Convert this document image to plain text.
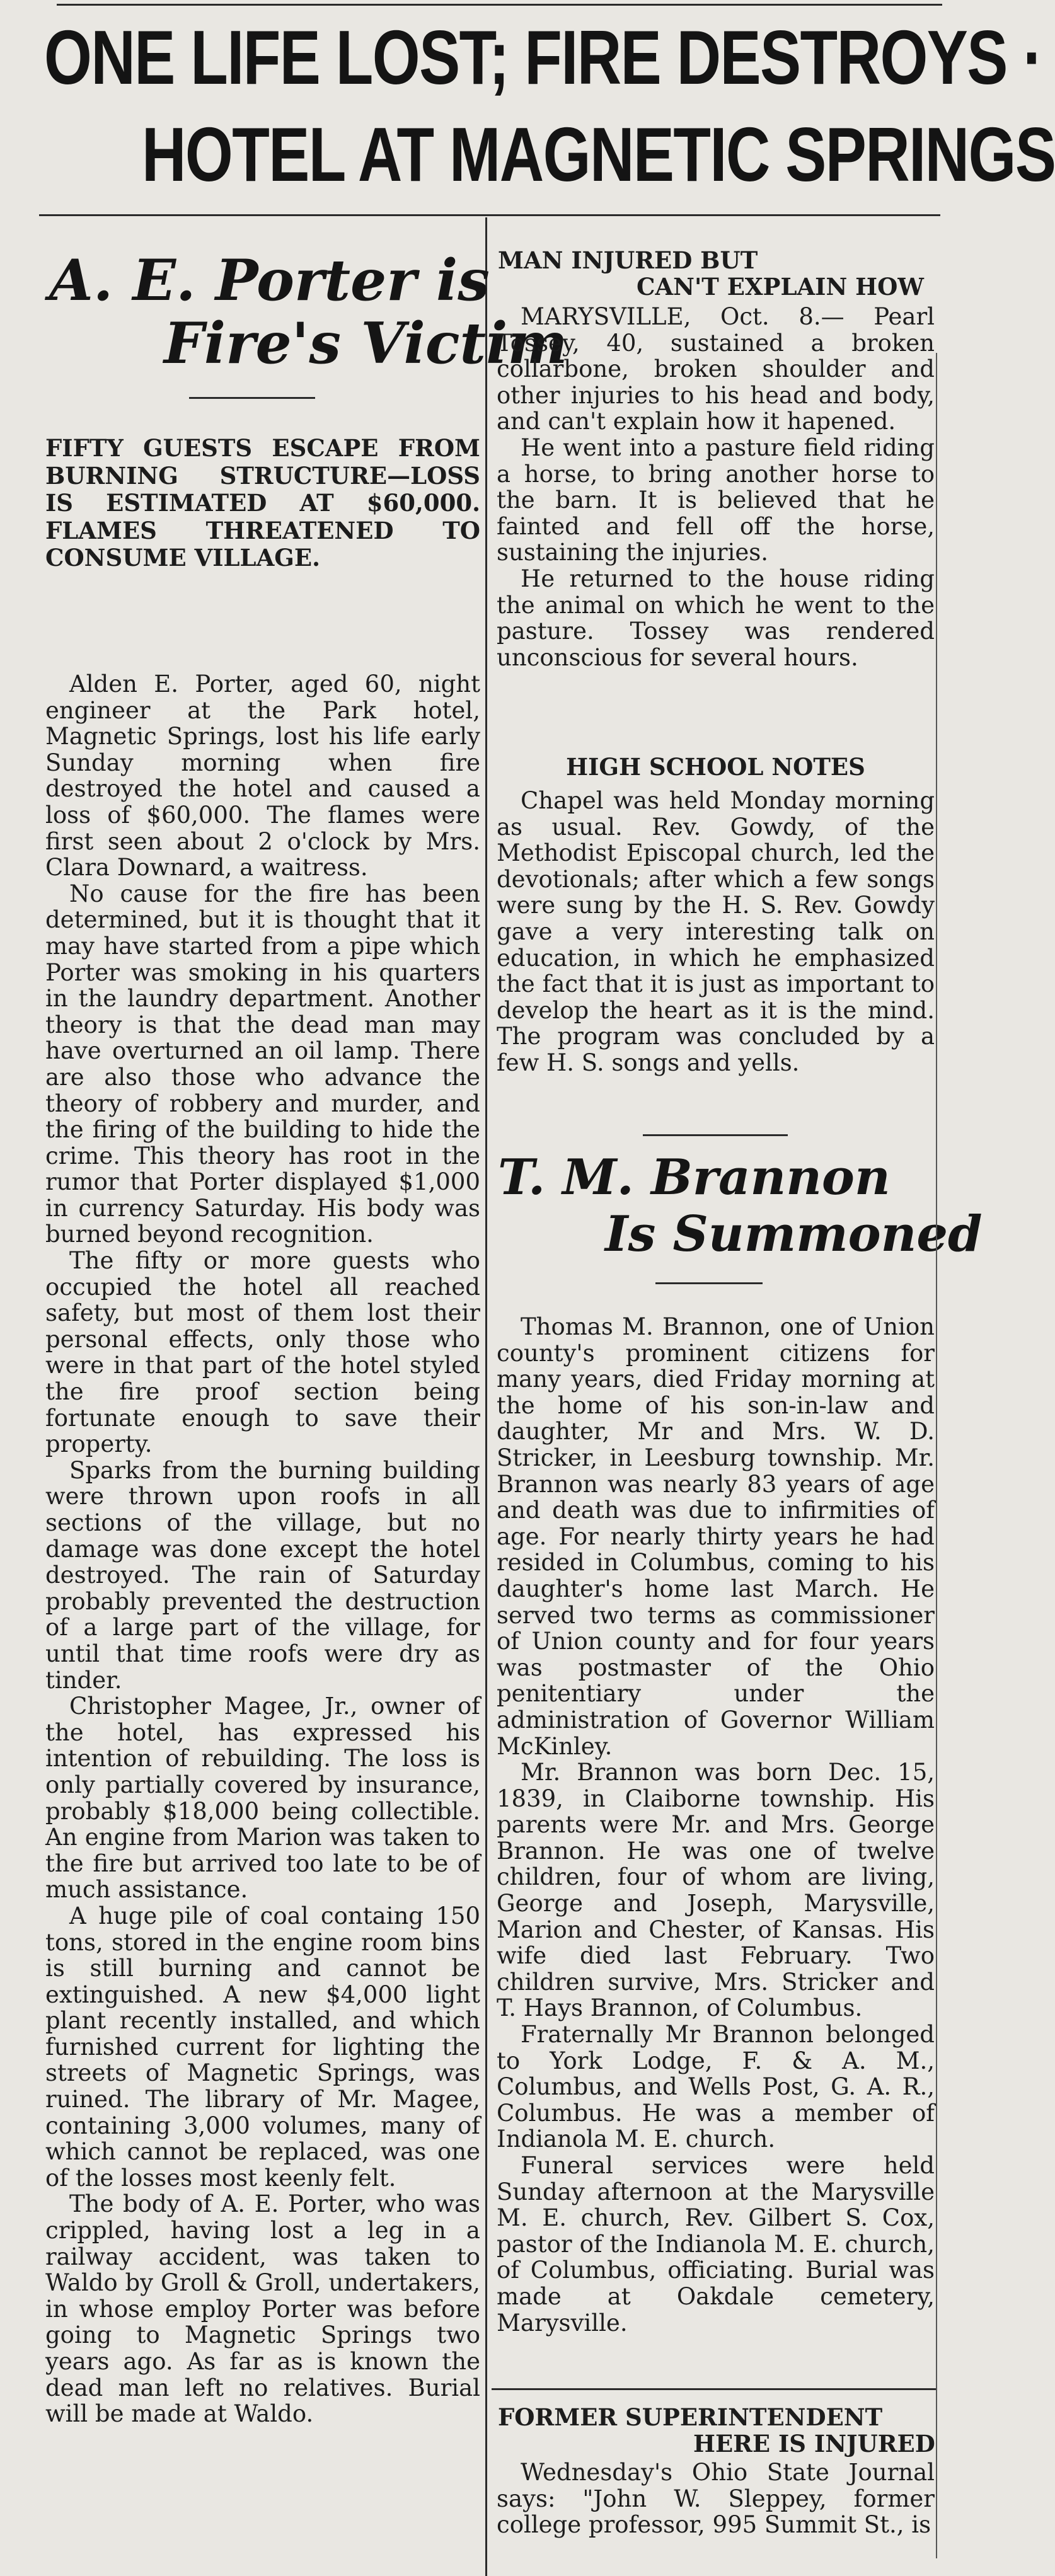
ONE LIFE LOST; FIRE DESTROYS ·
HOTEL AT MAGNETIC SPRINGS
A. E. Porter is
Fire's Victim
FIFTY GUESTS ESCAPE FROM BURNING STRUCTURE—LOSS IS ESTIMATED AT $60,000. FLAMES THREATENED TO CONSUME VILLAGE.

Alden E. Porter, aged 60, night engineer at the Park hotel, Magnetic Springs, lost his life early Sunday morning when fire destroyed the hotel and caused a loss of $60,000. The flames were first seen about 2 o'clock by Mrs. Clara Downard, a waitress.

No cause for the fire has been determined, but it is thought that it may have started from a pipe which Porter was smoking in his quarters in the laundry department. Another theory is that the dead man may have overturned an oil lamp. There are also those who advance the theory of robbery and murder, and the firing of the building to hide the crime. This theory has root in the rumor that Porter displayed $1,000 in currency Saturday. His body was burned beyond recognition.

The fifty or more guests who occupied the hotel all reached safety, but most of them lost their personal effects, only those who were in that part of the hotel styled the fire proof section being fortunate enough to save their property.

Sparks from the burning building were thrown upon roofs in all sections of the village, but no damage was done except the hotel destroyed. The rain of Saturday probably prevented the destruction of a large part of the village, for until that time roofs were dry as tinder.

Christopher Magee, Jr., owner of the hotel, has expressed his intention of rebuilding. The loss is only partially covered by insurance, probably $18,000 being collectible. An engine from Marion was taken to the fire but arrived too late to be of much assistance.

A huge pile of coal containg 150 tons, stored in the engine room bins is still burning and cannot be extinguished. A new $4,000 light plant recently installed, and which furnished current for lighting the streets of Magnetic Springs, was ruined. The library of Mr. Magee, containing 3,000 volumes, many of which cannot be replaced, was one of the losses most keenly felt.

The body of A. E. Porter, who was crippled, having lost a leg in a railway accident, was taken to Waldo by Groll & Groll, undertakers, in whose employ Porter was before going to Magnetic Springs two years ago. As far as is known the dead man left no relatives. Burial will be made at Waldo.

MAN INJURED BUT
CAN'T EXPLAIN HOW

MARYSVILLE, Oct. 8.— Pearl Tossey, 40, sustained a broken collarbone, broken shoulder and other injuries to his head and body, and can't explain how it hapened.

He went into a pasture field riding a horse, to bring another horse to the barn. It is believed that he fainted and fell off the horse, sustaining the injuries.

He returned to the house riding the animal on which he went to the pasture. Tossey was rendered unconscious for several hours.

HIGH SCHOOL NOTES

Chapel was held Monday morning as usual. Rev. Gowdy, of the Methodist Episcopal church, led the devotionals; after which a few songs were sung by the H. S. Rev. Gowdy gave a very interesting talk on education, in which he emphasized the fact that it is just as important to develop the heart as it is the mind. The program was concluded by a few H. S. songs and yells.

T. M. Brannon
Is Summoned

Thomas M. Brannon, one of Union county's prominent citizens for many years, died Friday morning at the home of his son-in-law and daughter, Mr and Mrs. W. D. Stricker, in Leesburg township. Mr. Brannon was nearly 83 years of age and death was due to infirmities of age. For nearly thirty years he had resided in Columbus, coming to his daughter's home last March. He served two terms as commissioner of Union county and for four years was postmaster of the Ohio penitentiary under the administration of Governor William McKinley.

Mr. Brannon was born Dec. 15, 1839, in Claiborne township. His parents were Mr. and Mrs. George Brannon. He was one of twelve children, four of whom are living, George and Joseph, Marysville, Marion and Chester, of Kansas. His wife died last February. Two children survive, Mrs. Stricker and T. Hays Brannon, of Columbus.

Fraternally Mr Brannon belonged to York Lodge, F. & A. M., Columbus, and Wells Post, G. A. R., Columbus. He was a member of Indianola M. E. church.

Funeral services were held Sunday afternoon at the Marysville M. E. church, Rev. Gilbert S. Cox, pastor of the Indianola M. E. church, of Columbus, officiating. Burial was made at Oakdale cemetery, Marysville.

FORMER SUPERINTENDENT
HERE IS INJURED

Wednesday's Ohio State Journal says: "John W. Sleppey, former college professor, 995 Summit St., is
